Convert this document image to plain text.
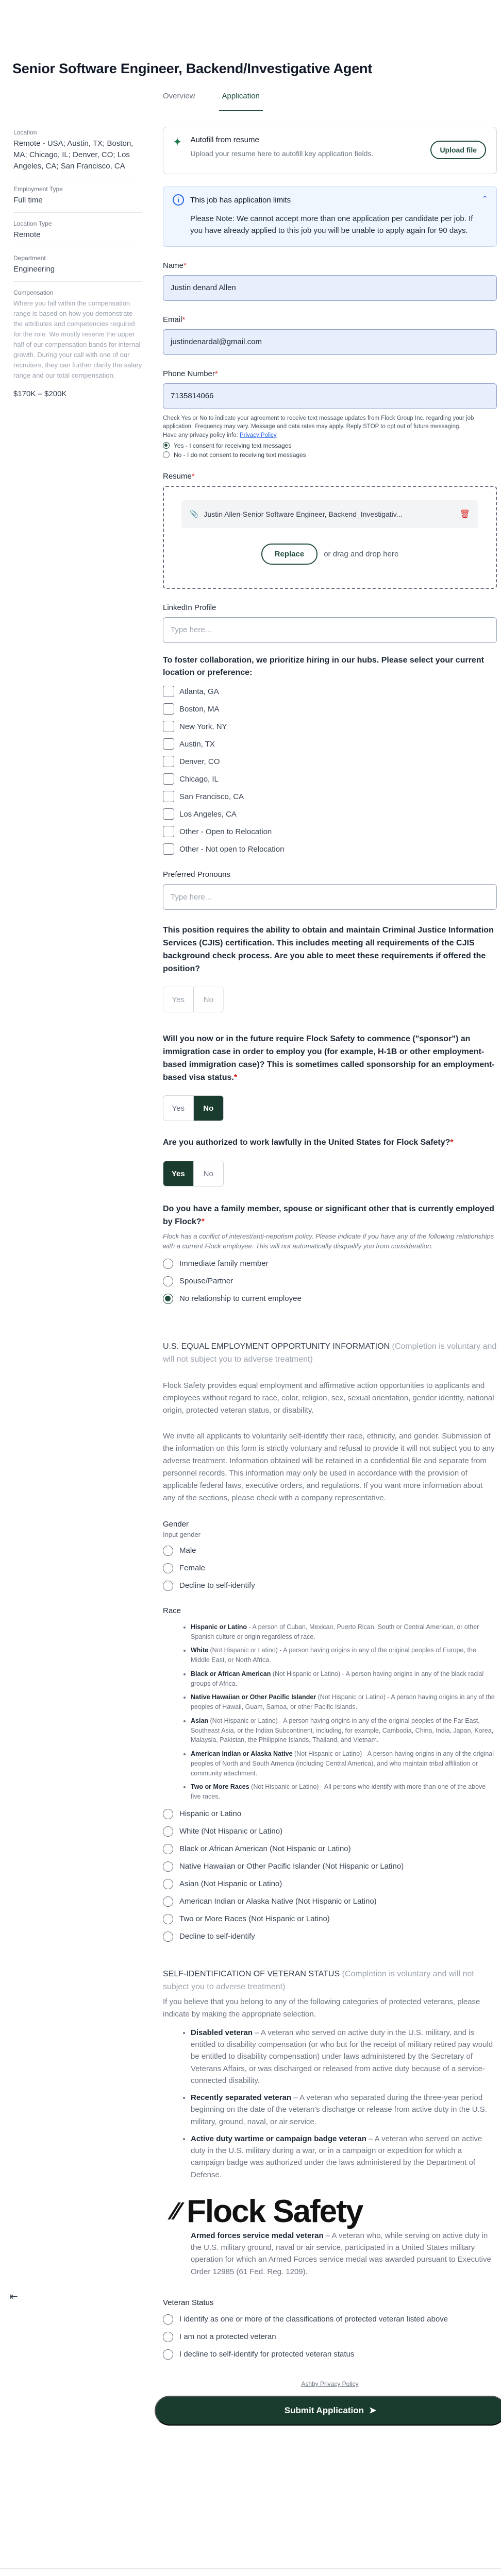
⇤
Senior Software Engineer, Backend/Investigative Agent
Overview	Application
Location
Remote - USA; Austin, TX; Boston, MA; Chicago, IL; Denver, CO; Los Angeles, CA; San Francisco, CA
Employment Type
Full time
Location Type
Remote
Department
Engineering
Compensation
Where you fall within the compensation range is based on how you demonstrate the attributes and competencies required for the role. We mostly reserve the upper half of our compensation bands for internal growth. During your call with one of our recruiters, they can further clarify the salary range and our total compensation.
$170K – $200K
✦ Autofill from resume
Upload your resume here to autofill key application fields.	Upload file
i	This job has application limits	⌃
Please Note: We cannot accept more than one application per candidate per job. If you have already applied to this job you will be unable to apply again for 90 days.
Name*
Justin denard Allen
Email*
justindenardal@gmail.com
Phone Number*
7135814066
Check Yes or No to indicate your agreement to receive text message updates from Flock Group Inc. regarding your job application. Frequency may vary. Message and data rates may apply. Reply STOP to opt out of future messaging.
Have any privacy policy info: Privacy Policy
Yes - I consent for receiving text messages
No - I do not consent to receiving text messages
Resume*
📎 Justin Allen-Senior Software Engineer, Backend_Investigativ...	🗑
Replace	or drag and drop here
LinkedIn Profile
Type here...
To foster collaboration, we prioritize hiring in our hubs. Please select your current location or preference:
Atlanta, GA
Boston, MA
New York, NY
Austin, TX
Denver, CO
Chicago, IL
San Francisco, CA
Los Angeles, CA
Other - Open to Relocation
Other - Not open to Relocation
Preferred Pronouns
Type here...
This position requires the ability to obtain and maintain Criminal Justice Information Services (CJIS) certification. This includes meeting all requirements of the CJIS background check process. Are you able to meet these requirements if offered the position?
Yes	No
Will you now or in the future require Flock Safety to commence ("sponsor") an immigration case in order to employ you (for example, H-1B or other employment-based immigration case)? This is sometimes called sponsorship for an employment-based visa status.*
Yes	No
Are you authorized to work lawfully in the United States for Flock Safety?*
Yes	No
Do you have a family member, spouse or significant other that is currently employed by Flock?*
Flock has a conflict of interest/anti-nepotism policy. Please indicate if you have any of the following relationships with a current Flock employee. This will not automatically disqualify you from consideration.
Immediate family member
Spouse/Partner
No relationship to current employee
U.S. EQUAL EMPLOYMENT OPPORTUNITY INFORMATION (Completion is voluntary and will not subject you to adverse treatment)
Flock Safety provides equal employment and affirmative action opportunities to applicants and employees without regard to race, color, religion, sex, sexual orientation, gender identity, national origin, protected veteran status, or disability.
We invite all applicants to voluntarily self-identify their race, ethnicity, and gender. Submission of the information on this form is strictly voluntary and refusal to provide it will not subject you to any adverse treatment. Information obtained will be retained in a confidential file and separate from personnel records. This information may only be used in accordance with the provision of applicable federal laws, executive orders, and regulations. If you want more information about any of the sections, please check with a company representative.
Gender
Input gender
Male
Female
Decline to self-identify
Race
• Hispanic or Latino - A person of Cuban, Mexican, Puerto Rican, South or Central American, or other Spanish culture or origin regardless of race.
• White (Not Hispanic or Latino) - A person having origins in any of the original peoples of Europe, the Middle East, or North Africa.
• Black or African American (Not Hispanic or Latino) - A person having origins in any of the black racial groups of Africa.
• Native Hawaiian or Other Pacific Islander (Not Hispanic or Latino) - A person having origins in any of the peoples of Hawaii, Guam, Samoa, or other Pacific Islands.
• Asian (Not Hispanic or Latino) - A person having origins in any of the original peoples of the Far East, Southeast Asia, or the Indian Subcontinent, including, for example, Cambodia, China, India, Japan, Korea, Malaysia, Pakistan, the Philippine Islands, Thailand, and Vietnam.
• American Indian or Alaska Native (Not Hispanic or Latino) - A person having origins in any of the original peoples of North and South America (including Central America), and who maintain tribal affiliation or community attachment.
• Two or More Races (Not Hispanic or Latino) - All persons who identify with more than one of the above five races.
Hispanic or Latino
White (Not Hispanic or Latino)
Black or African American (Not Hispanic or Latino)
Native Hawaiian or Other Pacific Islander (Not Hispanic or Latino)
Asian (Not Hispanic or Latino)
American Indian or Alaska Native (Not Hispanic or Latino)
Two or More Races (Not Hispanic or Latino)
Decline to self-identify
SELF-IDENTIFICATION OF VETERAN STATUS (Completion is voluntary and will not subject you to adverse treatment)
If you believe that you belong to any of the following categories of protected veterans, please indicate by making the appropriate selection.
• Disabled veteran – A veteran who served on active duty in the U.S. military, and is entitled to disability compensation (or who but for the receipt of military retired pay would be entitled to disability compensation) under laws administered by the Secretary of Veterans Affairs, or was discharged or released from active duty because of a service-connected disability.
• Recently separated veteran – A veteran who separated during the three-year period beginning on the date of the veteran's discharge or release from active duty in the U.S. military, ground, naval, or air service.
• Active duty wartime or campaign badge veteran – A veteran who served on active duty in the U.S. military during a war, or in a campaign or expedition for which a campaign badge was authorized under the laws administered by the Department of Defense.
⁄⁄ Flock Safety
Armed forces service medal veteran – A veteran who, while serving on active duty in the U.S. military ground, naval or air service, participated in a United States military operation for which an Armed Forces service medal was awarded pursuant to Executive Order 12985 (61 Fed. Reg. 1209).
Veteran Status
I identify as one or more of the classifications of protected veteran listed above
I am not a protected veteran
I decline to self-identify for protected veteran status
Ashby Privacy Policy
Submit Application ➤
